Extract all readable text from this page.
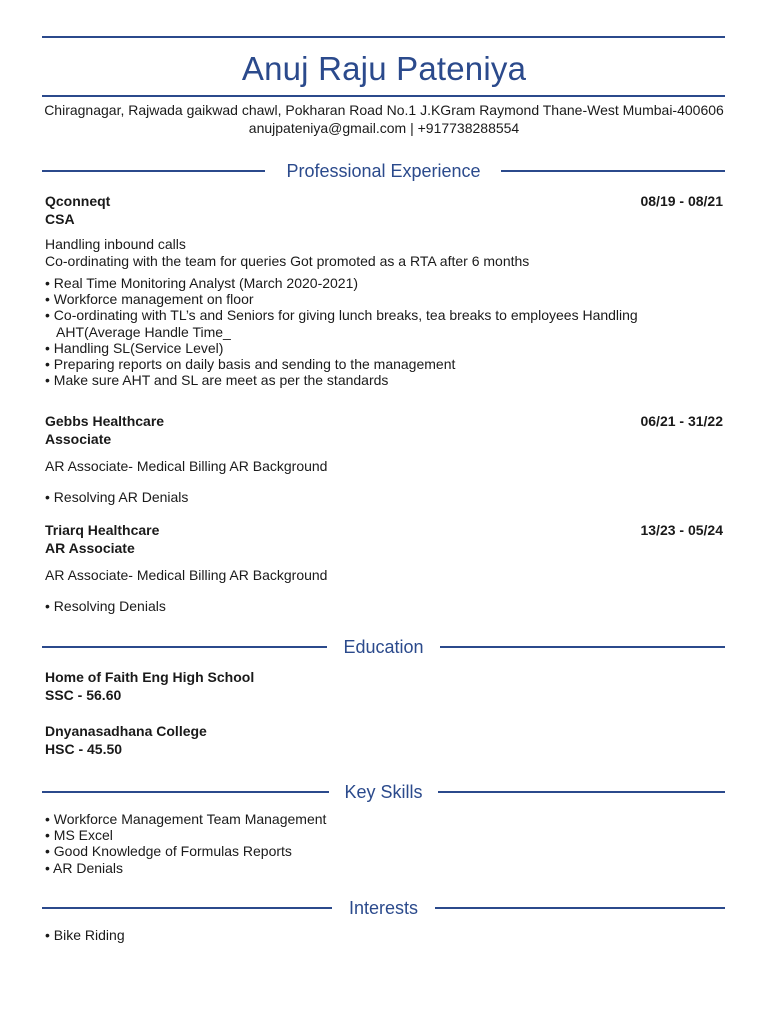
Anuj Raju Pateniya
Chiragnagar, Rajwada gaikwad chawl, Pokharan Road No.1 J.KGram Raymond Thane-West Mumbai-400606
anujpateniya@gmail.com | +917738288554
Professional Experience
Qconneqt	08/19 - 08/21
CSA
Handling inbound calls
Co-ordinating with the team for queries Got promoted as a RTA after 6 months
• Real Time Monitoring Analyst (March 2020-2021)
• Workforce management on floor
• Co-ordinating with TL’s and Seniors for giving lunch breaks, tea breaks to employees Handling AHT(Average Handle Time_
• Handling SL(Service Level)
• Preparing reports on daily basis and sending to the management
• Make sure AHT and SL are meet as per the standards
Gebbs Healthcare	06/21 - 31/22
Associate
AR Associate- Medical Billing AR Background
• Resolving AR Denials
Triarq Healthcare	13/23 - 05/24
AR Associate
AR Associate- Medical Billing AR Background
• Resolving Denials
Education
Home of Faith Eng High School
SSC - 56.60
Dnyanasadhana College
HSC - 45.50
Key Skills
• Workforce Management Team Management
• MS Excel
• Good Knowledge of Formulas Reports
• AR Denials
Interests
• Bike Riding
